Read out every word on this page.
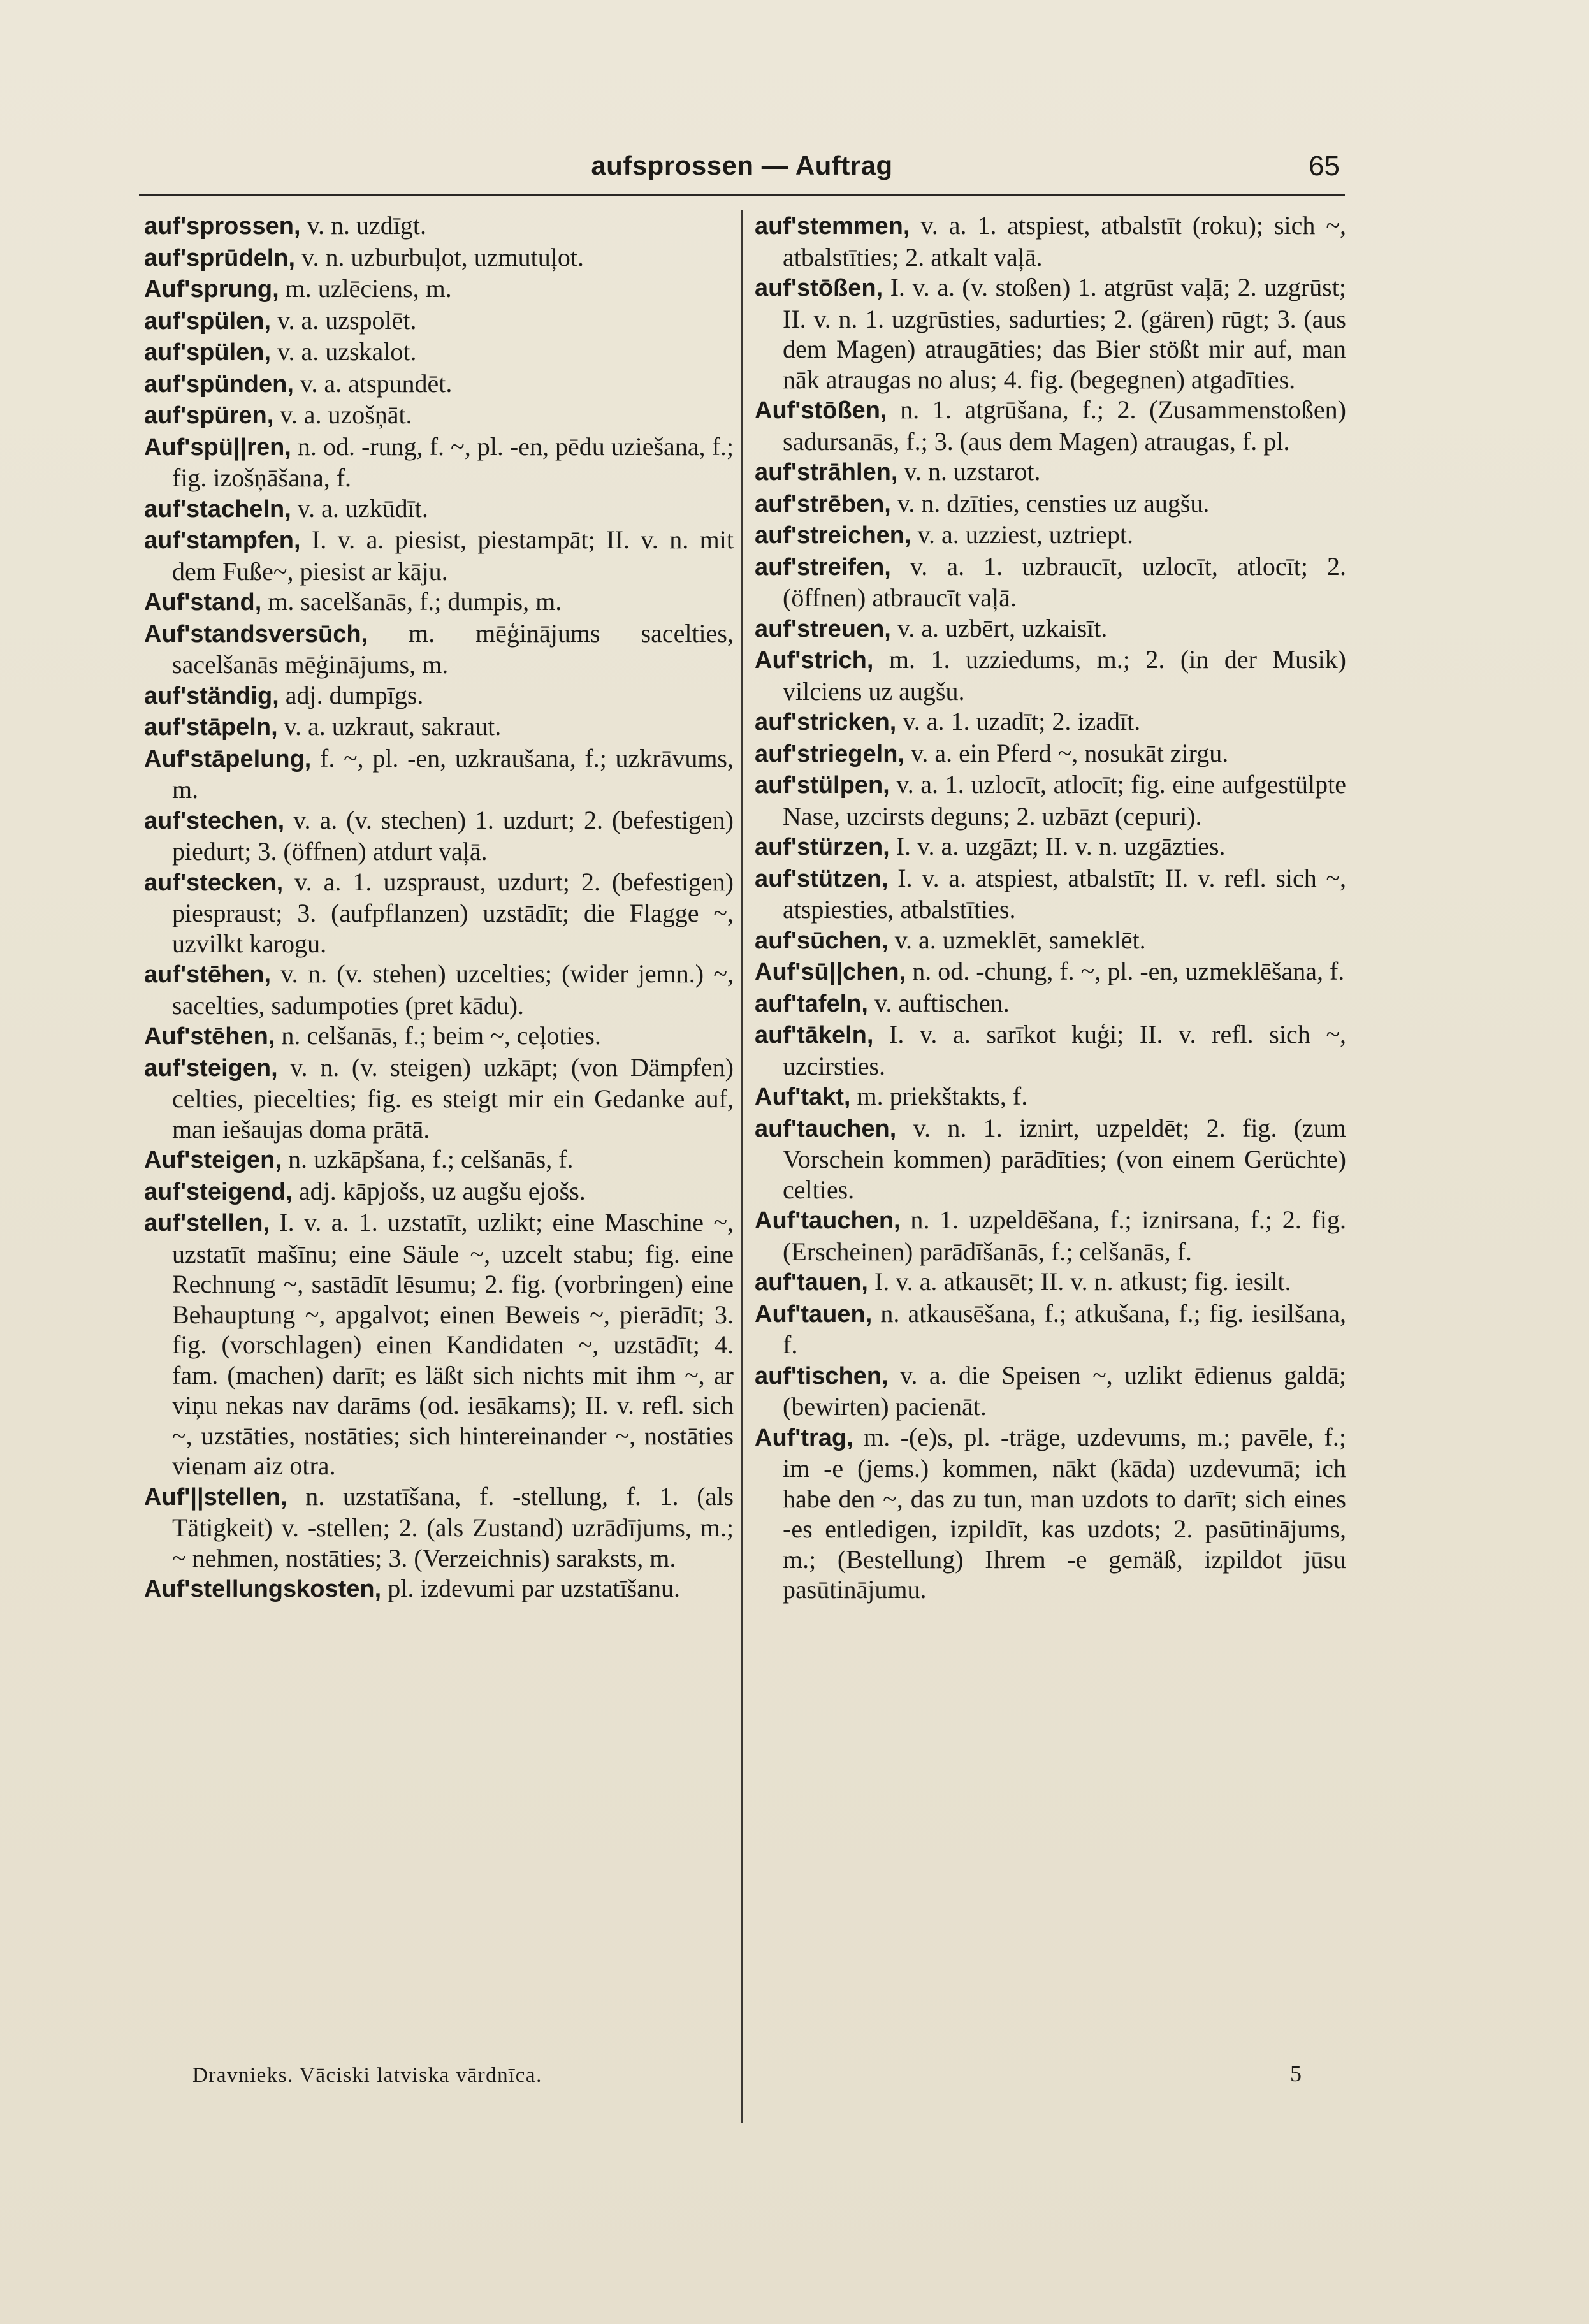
aufsprossen — Auftrag	65

auf'sprossen, v. n. uzdīgt.

auf'sprūdeln, v. n. uzburbuļot, uzmutuļot.

Auf'sprung, m. uzlēciens, m.

auf'spülen, v. a. uzspolēt.

auf'spülen, v. a. uzskalot.

auf'spünden, v. a. atspundēt.

auf'spüren, v. a. uzošņāt.

Auf'spü||ren, n. od. -rung, f. ~, pl. -en, pēdu uziešana, f.; fig. izošņāšana, f.

auf'stacheln, v. a. uzkūdīt.

auf'stampfen, I. v. a. piesist, piestampāt; II. v. n. mit dem Fuße~, piesist ar kāju.

Auf'stand, m. sacelšanās, f.; dumpis, m.

Auf'standsversūch, m. mēģinājums sacelties, sacelšanās mēģinājums, m.

auf'ständig, adj. dumpīgs.

auf'stāpeln, v. a. uzkraut, sakraut.

Auf'stāpelung, f. ~, pl. -en, uzkraušana, f.; uzkrāvums, m.

auf'stechen, v. a. (v. stechen) 1. uzdurt; 2. (befestigen) piedurt; 3. (öffnen) atdurt vaļā.

auf'stecken, v. a. 1. uzspraust, uzdurt; 2. (befestigen) piespraust; 3. (aufpflanzen) uzstādīt; die Flagge ~, uzvilkt karogu.

auf'stēhen, v. n. (v. stehen) uzcelties; (wider jemn.) ~, sacelties, sadumpoties (pret kādu).

Auf'stēhen, n. celšanās, f.; beim ~, ceļoties.

auf'steigen, v. n. (v. steigen) uzkāpt; (von Dämpfen) celties, piecelties; fig. es steigt mir ein Gedanke auf, man iešaujas doma prātā.

Auf'steigen, n. uzkāpšana, f.; celšanās, f.

auf'steigend, adj. kāpjošs, uz augšu ejošs.

auf'stellen, I. v. a. 1. uzstatīt, uzlikt; eine Maschine ~, uzstatīt mašīnu; eine Säule ~, uzcelt stabu; fig. eine Rechnung ~, sastādīt lēsumu; 2. fig. (vorbringen) eine Behauptung ~, apgalvot; einen Beweis ~, pierādīt; 3. fig. (vorschlagen) einen Kandidaten ~, uzstādīt; 4. fam. (machen) darīt; es läßt sich nichts mit ihm ~, ar viņu nekas nav darāms (od. iesākams); II. v. refl. sich ~, uzstāties, nostāties; sich hintereinander ~, nostāties vienam aiz otra.

Auf'||stellen, n. uzstatīšana, f. -stellung, f. 1. (als Tätigkeit) v. -stellen; 2. (als Zustand) uzrādījums, m.; ~ nehmen, nostāties; 3. (Verzeichnis) saraksts, m.

Auf'stellungskosten, pl. izdevumi par uzstatīšanu.

auf'stemmen, v. a. 1. atspiest, atbalstīt (roku); sich ~, atbalstīties; 2. atkalt vaļā.

auf'stōßen, I. v. a. (v. stoßen) 1. atgrūst vaļā; 2. uzgrūst; II. v. n. 1. uzgrūsties, sadurties; 2. (gären) rūgt; 3. (aus dem Magen) atraugāties; das Bier stößt mir auf, man nāk atraugas no alus; 4. fig. (begegnen) atgadīties.

Auf'stōßen, n. 1. atgrūšana, f.; 2. (Zusammenstoßen) sadursanās, f.; 3. (aus dem Magen) atraugas, f. pl.

auf'strāhlen, v. n. uzstarot.

auf'strēben, v. n. dzīties, censties uz augšu.

auf'streichen, v. a. uzziest, uztriept.

auf'streifen, v. a. 1. uzbraucīt, uzlocīt, atlocīt; 2. (öffnen) atbraucīt vaļā.

auf'streuen, v. a. uzbērt, uzkaisīt.

Auf'strich, m. 1. uzziedums, m.; 2. (in der Musik) vilciens uz augšu.

auf'stricken, v. a. 1. uzadīt; 2. izadīt.

auf'striegeln, v. a. ein Pferd ~, nosukāt zirgu.

auf'stülpen, v. a. 1. uzlocīt, atlocīt; fig. eine aufgestülpte Nase, uzcirsts deguns; 2. uzbāzt (cepuri).

auf'stürzen, I. v. a. uzgāzt; II. v. n. uzgāzties.

auf'stützen, I. v. a. atspiest, atbalstīt; II. v. refl. sich ~, atspiesties, atbalstīties.

auf'sūchen, v. a. uzmeklēt, sameklēt.

Auf'sū||chen, n. od. -chung, f. ~, pl. -en, uzmeklēšana, f.

auf'tafeln, v. auftischen.

auf'tākeln, I. v. a. sarīkot kuģi; II. v. refl. sich ~, uzcirsties.

Auf'takt, m. priekštakts, f.

auf'tauchen, v. n. 1. iznirt, uzpeldēt; 2. fig. (zum Vorschein kommen) parādīties; (von einem Gerüchte) celties.

Auf'tauchen, n. 1. uzpeldēšana, f.; iznirsana, f.; 2. fig. (Erscheinen) parādīšanās, f.; celšanās, f.

auf'tauen, I. v. a. atkausēt; II. v. n. atkust; fig. iesilt.

Auf'tauen, n. atkausēšana, f.; atkušana, f.; fig. iesilšana, f.

auf'tischen, v. a. die Speisen ~, uzlikt ēdienus galdā; (bewirten) pacienāt.

Auf'trag, m. -(e)s, pl. -träge, uzdevums, m.; pavēle, f.; im -e (jems.) kommen, nākt (kāda) uzdevumā; ich habe den ~, das zu tun, man uzdots to darīt; sich eines -es entledigen, izpildīt, kas uzdots; 2. pasūtinājums, m.; (Bestellung) Ihrem -e gemäß, izpildot jūsu pasūtinājumu.

Dravnieks. Vāciski latviska vārdnīca.	5
